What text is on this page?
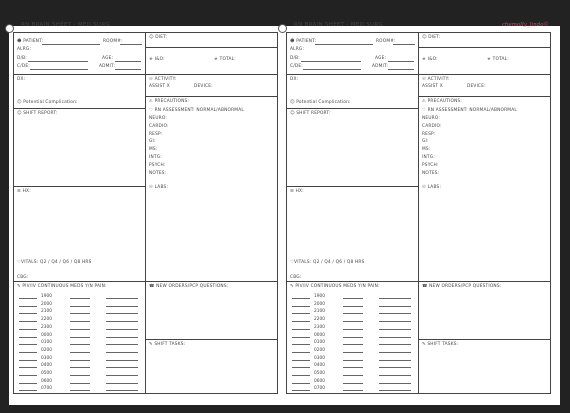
RN BRAIN SHEET - MED SURG
☻ PATIENT:	ROOM#:
ALRG:
D/B:	AGE:
C/DE:	ADMIT:
DX:
☹ Potential Complication:
☺ SHIFT REPORT:
☰ HX:
♡VITALS: Q2 / Q4 / Q6 / Q8 HRS
CBG:
✎ PIV/IV CONTINUOUS MEDS Y/N PAIN:
1900
2000
2100
2200
2300
0000
0100
0200
0300
0400
0500
0600
0700
☺ DIET:
☣ I&O:	☣ TOTAL:
☉ ACTIVITY:
ASSIST X	DEVICE:
⚠ PRECAUTIONS:
♡ RN ASSESSMENT: NORMAL/ABNORMAL
NEURO:
CARDIO:
RESP:
GI:
MS:
INTG:
PSYCH:
NOTES:
☉ LABS:
☎ NEW ORDERS/PCP QUESTIONS:
✎ SHIFT TASKS:
RN BRAIN SHEET - MED SURG
☻ PATIENT:	ROOM#:
ALRG:
D/B:	AGE:
C/DE:	ADMIT:
DX:
☹ Potential Complication:
☺ SHIFT REPORT:
☰ HX:
♡VITALS: Q2 / Q4 / Q6 / Q8 HRS
CBG:
✎ PIV/IV CONTINUOUS MEDS Y/N PAIN:
1900
2000
2100
2200
2300
0000
0100
0200
0300
0400
0500
0600
0700
☺ DIET:
☣ I&O:	☣ TOTAL:
☉ ACTIVITY:
ASSIST X	DEVICE:
⚠ PRECAUTIONS:
♡ RN ASSESSMENT: NORMAL/ABNORMAL
NEURO:
CARDIO:
RESP:
GI:
MS:
INTG:
PSYCH:
NOTES:
☉ LABS:
☎ NEW ORDERS/PCP QUESTIONS:
✎ SHIFT TASKS:
chemolly_lindo©
